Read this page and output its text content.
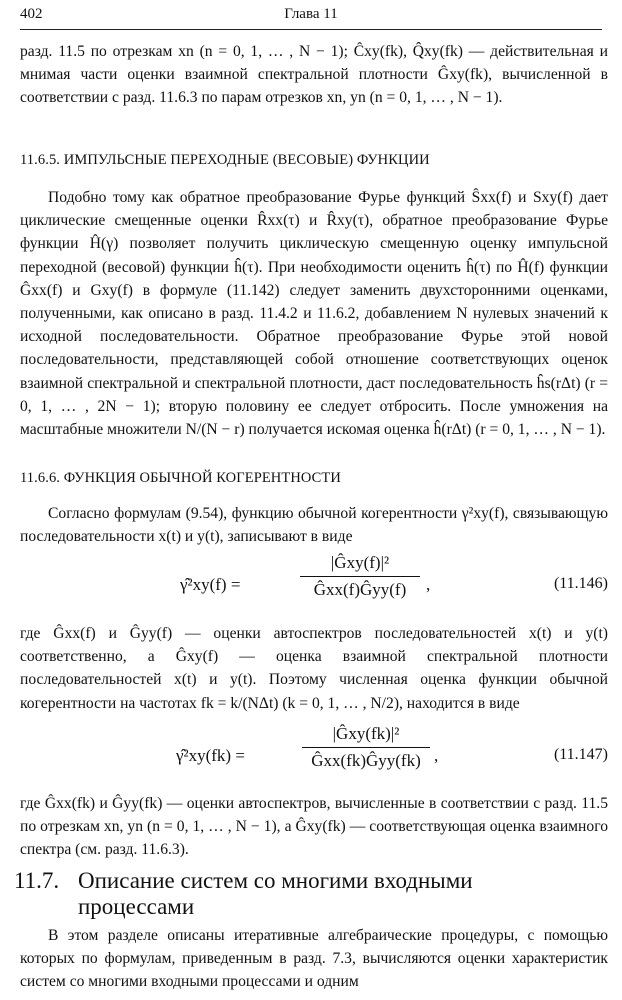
402	Глава 11
разд. 11.5 по отрезкам xn (n = 0, 1, … , N − 1); Ĉxy(fk), Q̂xy(fk) — действительная и мнимая части оценки взаимной спектральной плотности Ĝxy(fk), вычисленной в соответствии с разд. 11.6.3 по парам отрезков xn, yn (n = 0, 1, … , N − 1).
11.6.5. ИМПУЛЬСНЫЕ ПЕРЕХОДНЫЕ (ВЕСОВЫЕ) ФУНКЦИИ
Подобно тому как обратное преобразование Фурье функций Ŝxx(f) и Sxy(f) дает циклические смещенные оценки R̂xx(τ) и R̂xy(τ), обратное преобразование Фурье функции Ĥ(γ) позволяет получить циклическую смещенную оценку импульсной переходной (весовой) функции ĥ(τ). При необходимости оценить ĥ(τ) по Ĥ(f) функции Ĝxx(f) и Gxy(f) в формуле (11.142) следует заменить двухсторонними оценками, полученными, как описано в разд. 11.4.2 и 11.6.2, добавлением N нулевых значений к исходной последовательности. Обратное преобразование Фурье этой новой последовательности, представляющей собой отношение соответствующих оценок взаимной спектральной и спектральной плотности, даст последовательность ĥs(rΔt) (r = 0, 1, … , 2N − 1); вторую половину ее следует отбросить. После умножения на масштабные множители N/(N − r) получается искомая оценка ĥ(rΔt) (r = 0, 1, … , N − 1).
11.6.6. ФУНКЦИЯ ОБЫЧНОЙ КОГЕРЕНТНОСТИ
Согласно формулам (9.54), функцию обычной когерентности γ²xy(f), связывающую последовательности x(t) и y(t), записывают в виде
γ̂²xy(f) =
|Ĝxy(f)|²
Ĝxx(f)Ĝyy(f)	,	(11.146)
где Ĝxx(f) и Ĝyy(f) — оценки автоспектров последовательностей x(t) и y(t) соответственно, а Ĝxy(f) — оценка взаимной спектральной плотности последовательностей x(t) и y(t). Поэтому численная оценка функции обычной когерентности на частотах fk = k/(NΔt) (k = 0, 1, … , N/2), находится в виде
γ̂²xy(fk) =
|Ĝxy(fk)|²
Ĝxx(fk)Ĝyy(fk) ,	(11.147)
где Ĝxx(fk) и Ĝyy(fk) — оценки автоспектров, вычисленные в соответствии с разд. 11.5 по отрезкам xn, yn (n = 0, 1, … , N − 1), а Ĝxy(fk) — соответствующая оценка взаимного спектра (см. разд. 11.6.3).
11.7. Описание систем со многими входными
процессами
В этом разделе описаны итеративные алгебраические процедуры, с помощью которых по формулам, приведенным в разд. 7.3, вычисляются оценки характеристик систем со многими входными процессами и одним
